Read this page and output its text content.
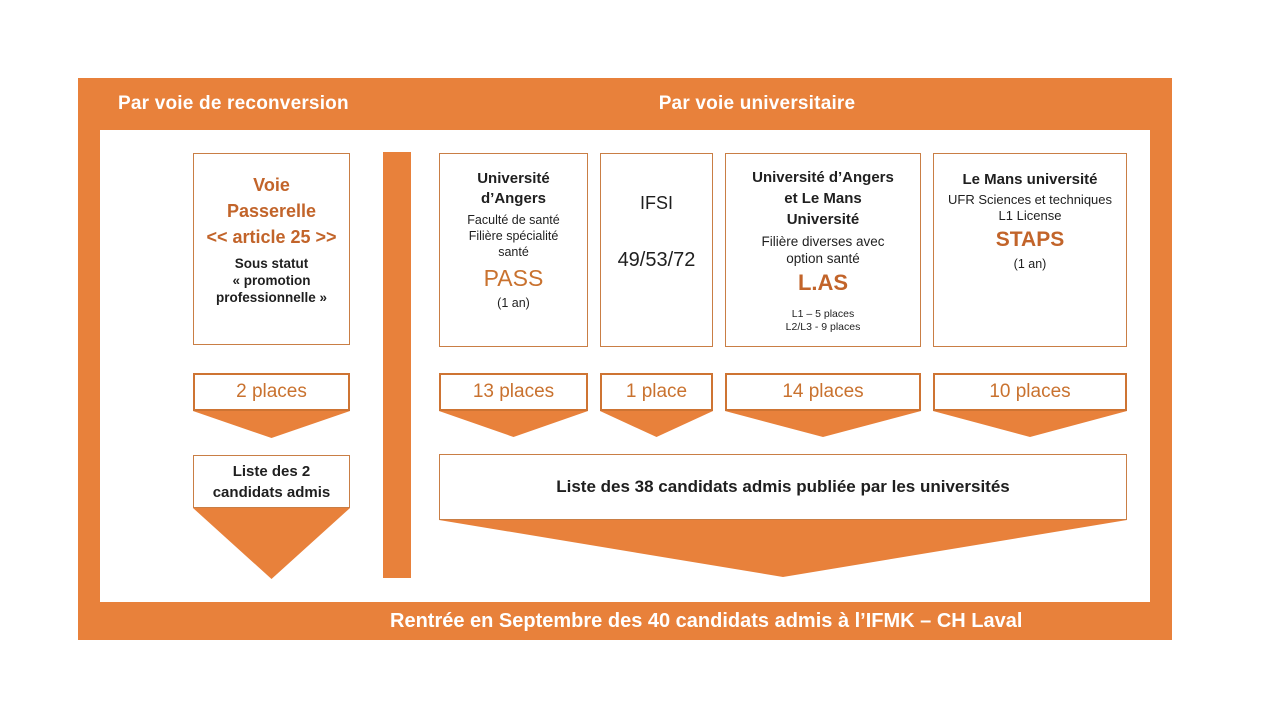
Par voie de reconversion	Par voie universitaire
Voie
Passerelle
<< article 25 >>
Sous statut
« promotion
professionnelle »
2 places
Liste des 2
candidats admis
Université
d’Angers
Faculté de santé
Filière spécialité
santé
PASS
(1 an)
IFSI
49/53/72
Université d’Angers
et Le Mans
Université
Filière diverses avec
option santé
L.AS
L1 – 5 places
L2/L3 - 9 places
Le Mans université
UFR Sciences et techniques
L1 License
STAPS
(1 an)
13 places	1 place	14 places	10 places
Liste des 38 candidats admis publiée par les universités
Rentrée en Septembre des 40 candidats admis à l’IFMK – CH Laval
